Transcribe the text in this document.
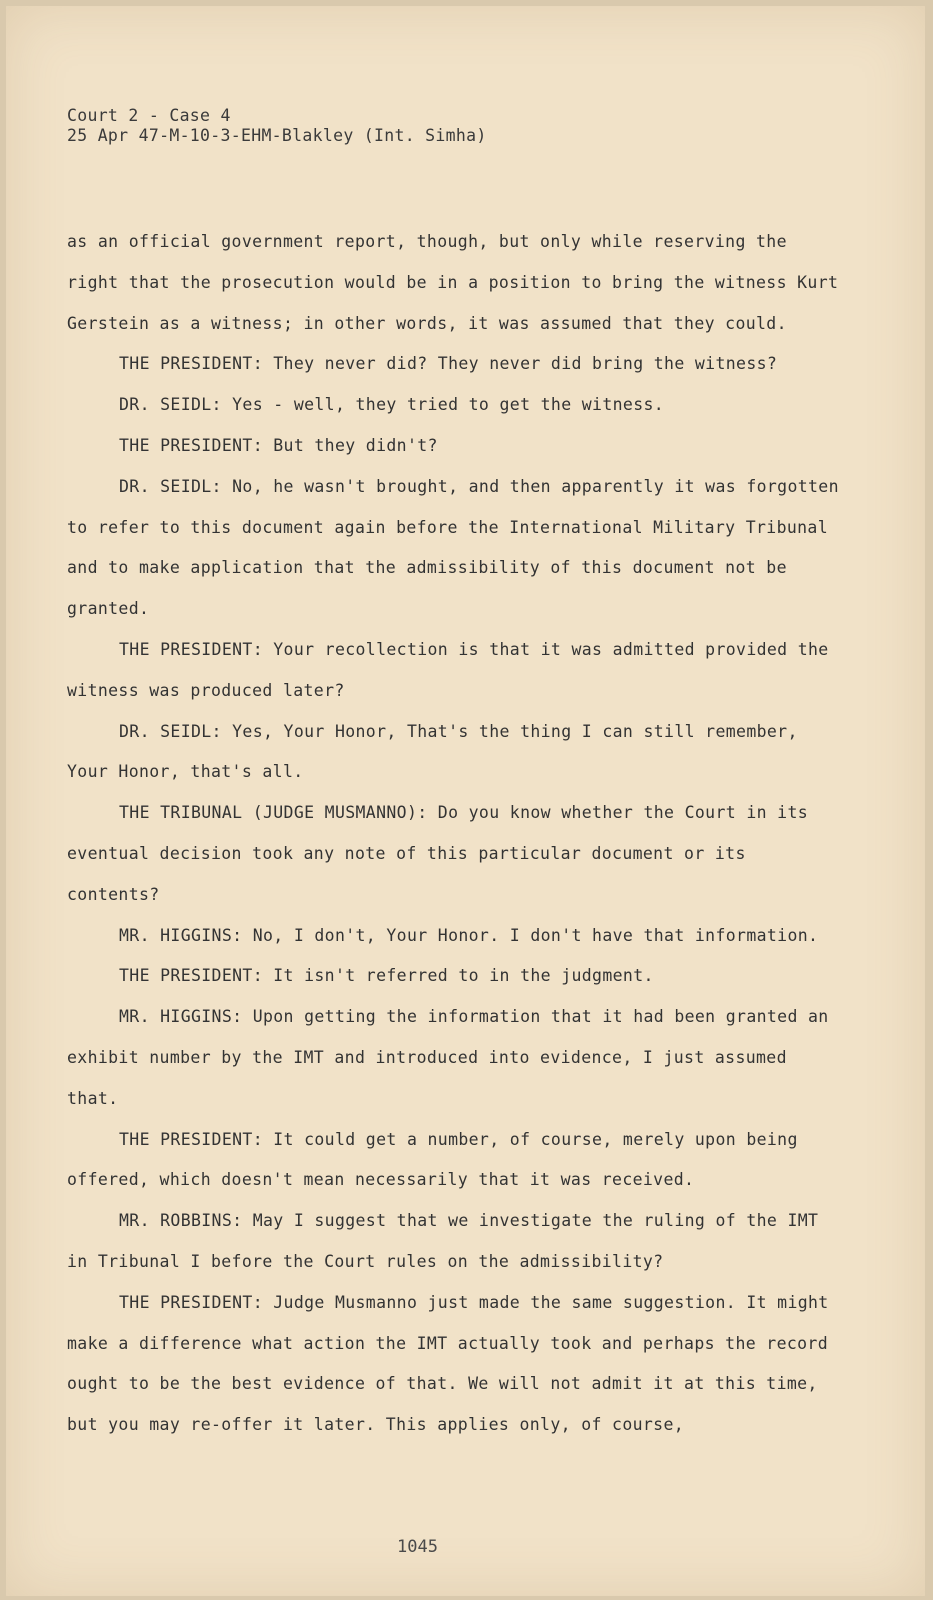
Court 2 - Case 4
25 Apr 47-M-10-3-EHM-Blakley (Int. Simha)

as an official government report, though, but only while reserving the right that the prosecution would be in a position to bring the witness Kurt Gerstein as a witness; in other words, it was assumed that they could.

THE PRESIDENT: They never did? They never did bring the witness?

DR. SEIDL: Yes - well, they tried to get the witness.

THE PRESIDENT: But they didn't?

DR. SEIDL: No, he wasn't brought, and then apparently it was forgotten to refer to this document again before the International Military Tribunal and to make application that the admissibility of this document not be granted.

THE PRESIDENT: Your recollection is that it was admitted provided the witness was produced later?

DR. SEIDL: Yes, Your Honor, That's the thing I can still remember, Your Honor, that's all.

THE TRIBUNAL (JUDGE MUSMANNO): Do you know whether the Court in its eventual decision took any note of this particular document or its contents?

MR. HIGGINS: No, I don't, Your Honor. I don't have that information.

THE PRESIDENT: It isn't referred to in the judgment.

MR. HIGGINS: Upon getting the information that it had been granted an exhibit number by the IMT and introduced into evidence, I just assumed that.

THE PRESIDENT: It could get a number, of course, merely upon being offered, which doesn't mean necessarily that it was received.

MR. ROBBINS: May I suggest that we investigate the ruling of the IMT in Tribunal I before the Court rules on the admissibility?

THE PRESIDENT: Judge Musmanno just made the same suggestion. It might make a difference what action the IMT actually took and perhaps the record ought to be the best evidence of that. We will not admit it at this time, but you may re-offer it later. This applies only, of course,

1045
